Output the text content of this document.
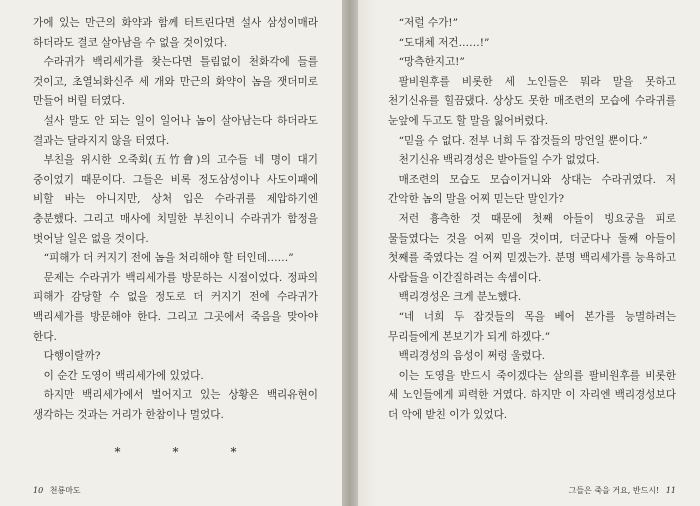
가에 있는 만근의 화약과 함께 터트린다면 설사 삼성이매라 하더라도 결코 살아남을 수 없을 것이었다.

수라귀가 백리세가를 찾는다면 틀림없이 천화각에 들를 것이고, 초열뇌화신주 세 개와 만근의 화약이 놈을 잿더미로 만들어 버릴 터였다.

설사 말도 안 되는 일이 일어나 놈이 살아남는다 하더라도 결과는 달라지지 않을 터였다.

부친을 위시한 오죽회(五竹會)의 고수들 네 명이 대기 중이었기 때문이다. 그들은 비록 정도삼성이나 사도이패에 비할 바는 아니지만, 상처 입은 수라귀를 제압하기엔 충분했다. 그리고 매사에 치밀한 부친이니 수라귀가 함정을 벗어날 일은 없을 것이다.

“피해가 더 커지기 전에 놈을 처리해야 할 터인데……”

문제는 수라귀가 백리세가를 방문하는 시점이었다. 정파의 피해가 감당할 수 없을 정도로 더 커지기 전에 수라귀가 백리세가를 방문해야 한다. 그리고 그곳에서 죽음을 맞아야 한다.

다행이랄까?

이 순간 도영이 백리세가에 있었다.

하지만 백리세가에서 벌어지고 있는 상황은 백리유현이 생각하는 것과는 거리가 한참이나 멀었다.

*	*	*
10 천룡마도

“저럴 수가!”

“도대체 저건……!”

“망측한지고!”

팔비원후를 비롯한 세 노인들은 뭐라 말을 못하고 천기신유를 힐끔댔다. 상상도 못한 매조련의 모습에 수라귀를 눈앞에 두고도 할 말을 잃어버렸다.

“믿을 수 없다. 전부 너희 두 잡것들의 망언일 뿐이다.”

천기신유 백리경성은 받아들일 수가 없었다.

매조련의 모습도 모습이거니와 상대는 수라귀였다. 저 간악한 놈의 말을 어찌 믿는단 말인가?

저런 흉측한 것 때문에 첫째 아들이 빙요궁을 피로 물들였다는 것을 어찌 믿을 것이며, 더군다나 둘째 아들이 첫째를 죽였다는 걸 어찌 믿겠는가. 분명 백리세가를 능욕하고 사람들을 이간질하려는 속셈이다.

백리경성은 크게 분노했다.

“네 너희 두 잡것들의 목을 베어 본가를 능멸하려는 무리들에게 본보기가 되게 하겠다.”

백리경성의 음성이 쩌렁 울렸다.

이는 도영을 반드시 죽이겠다는 살의를 팔비원후를 비롯한 세 노인들에게 피력한 거였다. 하지만 이 자리엔 백리경성보다 더 악에 받친 이가 있었다.

그들은 죽을 거요, 반드시! 11
